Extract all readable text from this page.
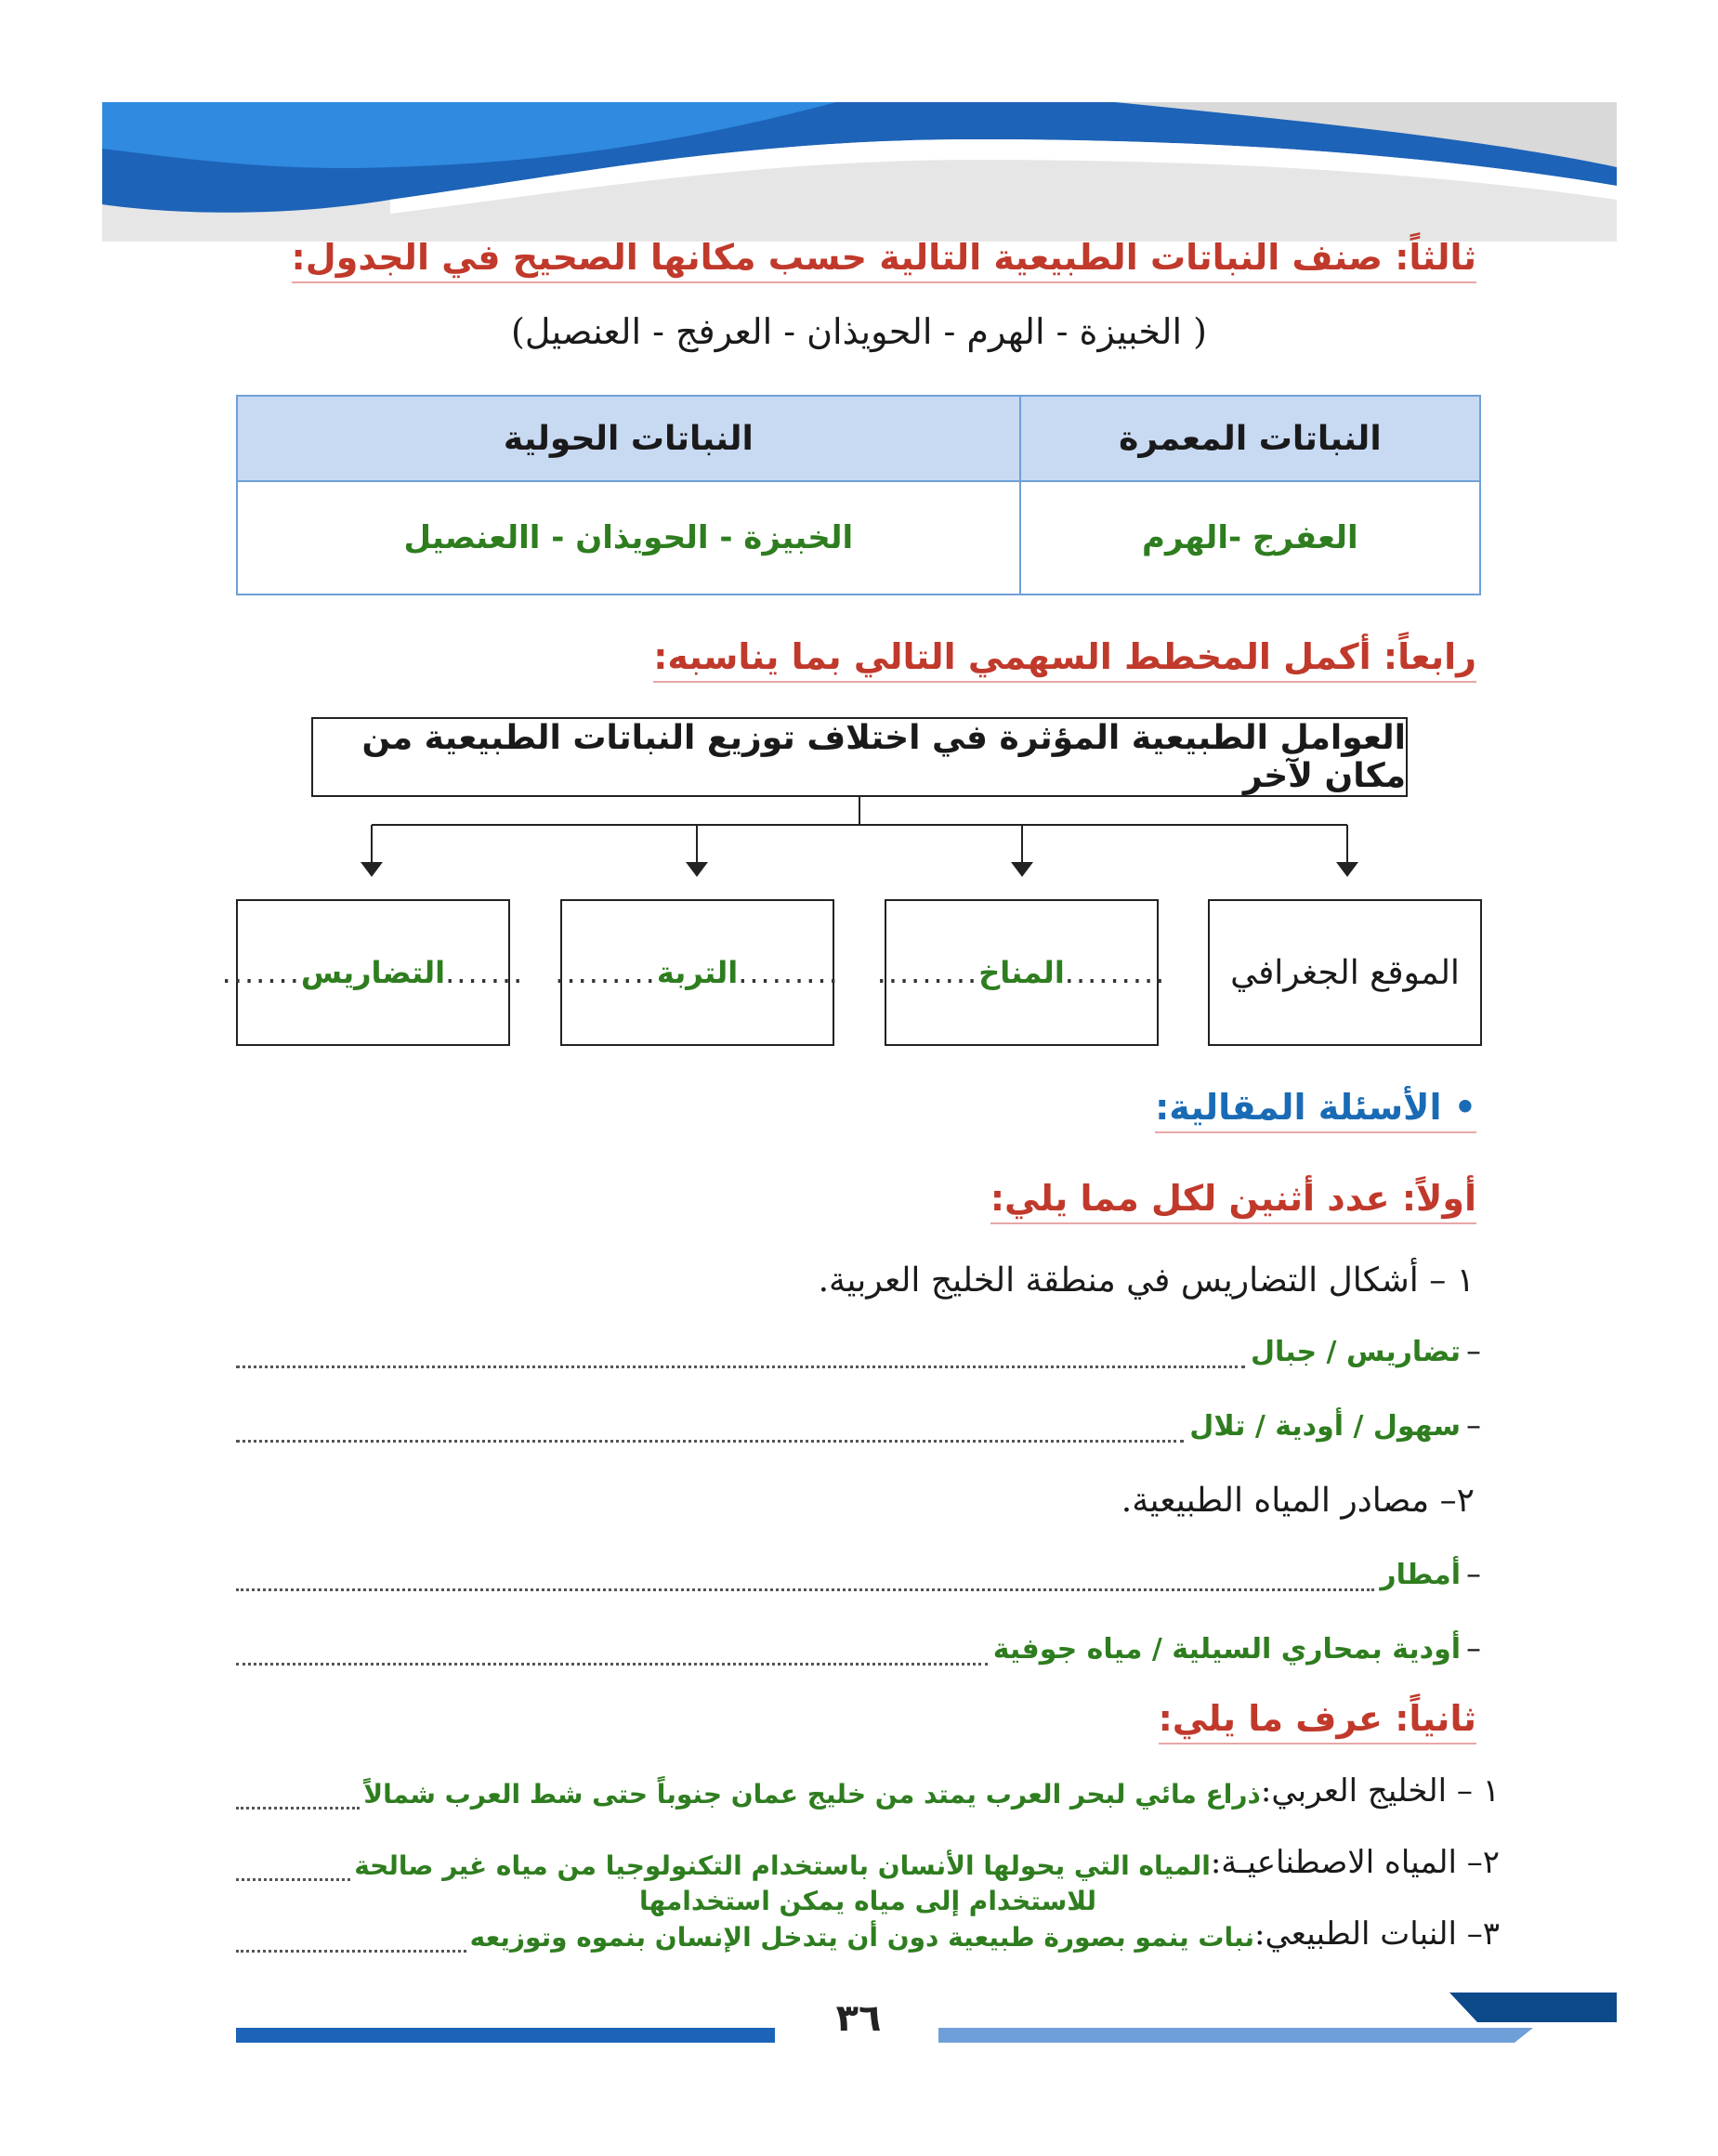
ثالثاً: صنف النباتات الطبيعية التالية حسب مكانها الصحيح في الجدول:
( الخبيزة - الهرم - الحويذان - العرفج - العنصيل)
النباتات المعمرة	النباتات الحولية
العفرج -الهرم	الخبيزة - الحويذان - االعنصيل
رابعاً: أكمل المخطط السهمي التالي بما يناسبه:
العوامل الطبيعية المؤثرة في اختلاف توزيع النباتات الطبيعية من مكان لآخر
الموقع الجغرافي
.........
المناخ
.........
.........
التربة
.........
.......
التضاريس
.......
• الأسئلة المقالية:
أولاً: عدد أثنين لكل مما يلي:
١ – أشكال التضاريس في منطقة الخليج العربية.
–
تضاريس / جبال
–
سهول / أودية / تلال
٢– مصادر المياه الطبيعية.
–
أمطار
–
أودية بمحاري السيلية / مياه جوفية
ثانياً: عرف ما يلي:
١ – الخليج العربي:
ذراع مائي لبحر العرب يمتد من خليج عمان جنوباً حتى شط العرب شمالاً
٢– المياه الاصطناعيـة:
المياه التي يحولها الأنسان باستخدام التكنولوجيا من مياه غير صالحة
للاستخدام إلى مياه يمكن استخدامها
٣– النبات الطبيعي:
نبات ينمو بصورة طبيعية دون أن يتدخل الإنسان بنموه وتوزيعه
٣٦
